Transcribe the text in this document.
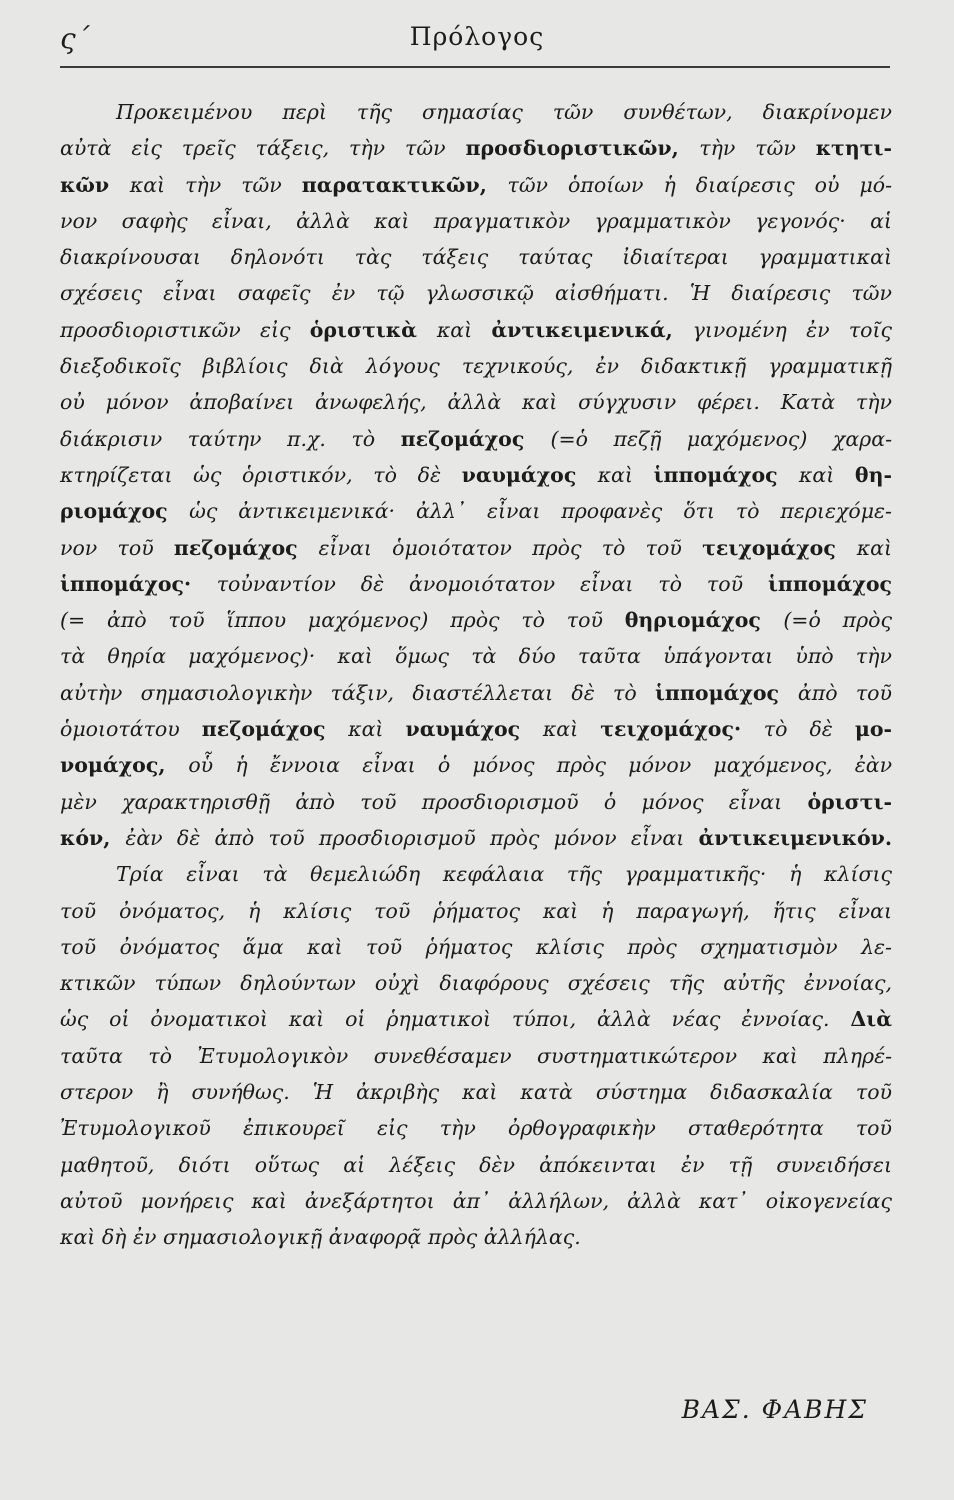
ς΄	Πρόλογος
Προκειμένου περὶ τῆς σημασίας τῶν συνθέτων, διακρίνομεν
αὐτὰ εἰς τρεῖς τάξεις, τὴν τῶν προσδιοριστικῶν, τὴν τῶν κτητι-
κῶν καὶ τὴν τῶν παρατακτικῶν, τῶν ὁποίων ἡ διαίρεσις οὐ μό-
νον σαφὴς εἶναι, ἀλλὰ καὶ πραγματικὸν γραμματικὸν γεγονός· αἱ
διακρίνουσαι δηλονότι τὰς τάξεις ταύτας ἰδιαίτεραι γραμματικαὶ
σχέσεις εἶναι σαφεῖς ἐν τῷ γλωσσικῷ αἰσθήματι. Ἡ διαίρεσις τῶν
προσδιοριστικῶν εἰς ὁριστικὰ καὶ ἀντικειμενικά, γινομένη ἐν τοῖς
διεξοδικοῖς βιβλίοις διὰ λόγους τεχνικούς, ἐν διδακτικῇ γραμματικῇ
οὐ μόνον ἀποβαίνει ἀνωφελής, ἀλλὰ καὶ σύγχυσιν φέρει. Κατὰ τὴν
διάκρισιν ταύτην π.χ. τὸ πεζομάχος (=ὁ πεζῇ μαχόμενος) χαρα-
κτηρίζεται ὡς ὁριστικόν, τὸ δὲ ναυμάχος καὶ ἱππομάχος καὶ θη-
ριομάχος ὡς ἀντικειμενικά· ἀλλ᾽ εἶναι προφανὲς ὅτι τὸ περιεχόμε-
νον τοῦ πεζομάχος εἶναι ὁμοιότατον πρὸς τὸ τοῦ τειχομάχος καὶ
ἱππομάχος· τοὐναντίον δὲ ἀνομοιότατον εἶναι τὸ τοῦ ἱππομάχος
(= ἀπὸ τοῦ ἵππου μαχόμενος) πρὸς τὸ τοῦ θηριομάχος (=ὁ πρὸς
τὰ θηρία μαχόμενος)· καὶ ὅμως τὰ δύο ταῦτα ὑπάγονται ὑπὸ τὴν
αὐτὴν σημασιολογικὴν τάξιν, διαστέλλεται δὲ τὸ ἱππομάχος ἀπὸ τοῦ
ὁμοιοτάτου πεζομάχος καὶ ναυμάχος καὶ τειχομάχος· τὸ δὲ μο-
νομάχος, οὗ ἡ ἔννοια εἶναι ὁ μόνος πρὸς μόνον μαχόμενος, ἐὰν
μὲν χαρακτηρισθῇ ἀπὸ τοῦ προσδιορισμοῦ ὁ μόνος εἶναι ὁριστι-
κόν, ἐὰν δὲ ἀπὸ τοῦ προσδιορισμοῦ πρὸς μόνον εἶναι ἀντικειμενικόν.
Τρία εἶναι τὰ θεμελιώδη κεφάλαια τῆς γραμματικῆς· ἡ κλίσις
τοῦ ὀνόματος, ἡ κλίσις τοῦ ῥήματος καὶ ἡ παραγωγή, ἥτις εἶναι
τοῦ ὀνόματος ἅμα καὶ τοῦ ῥήματος κλίσις πρὸς σχηματισμὸν λε-
κτικῶν τύπων δηλούντων οὐχὶ διαφόρους σχέσεις τῆς αὐτῆς ἐννοίας,
ὡς οἱ ὀνοματικοὶ καὶ οἱ ῥηματικοὶ τύποι, ἀλλὰ νέας ἐννοίας. Διὰ
ταῦτα τὸ Ἐτυμολογικὸν συνεθέσαμεν συστηματικώτερον καὶ πληρέ-
στερον ἢ συνήθως. Ἡ ἀκριβὴς καὶ κατὰ σύστημα διδασκαλία τοῦ
Ἐτυμολογικοῦ ἐπικουρεῖ εἰς τὴν ὀρθογραφικὴν σταθερότητα τοῦ
μαθητοῦ, διότι οὕτως αἱ λέξεις δὲν ἀπόκεινται ἐν τῇ συνειδήσει
αὐτοῦ μονήρεις καὶ ἀνεξάρτητοι ἀπ᾽ ἀλλήλων, ἀλλὰ κατ᾽ οἰκογενείας
καὶ δὴ ἐν σημασιολογικῇ ἀναφορᾷ πρὸς ἀλλήλας.
ΒΑΣ. ΦΑΒΗΣ
